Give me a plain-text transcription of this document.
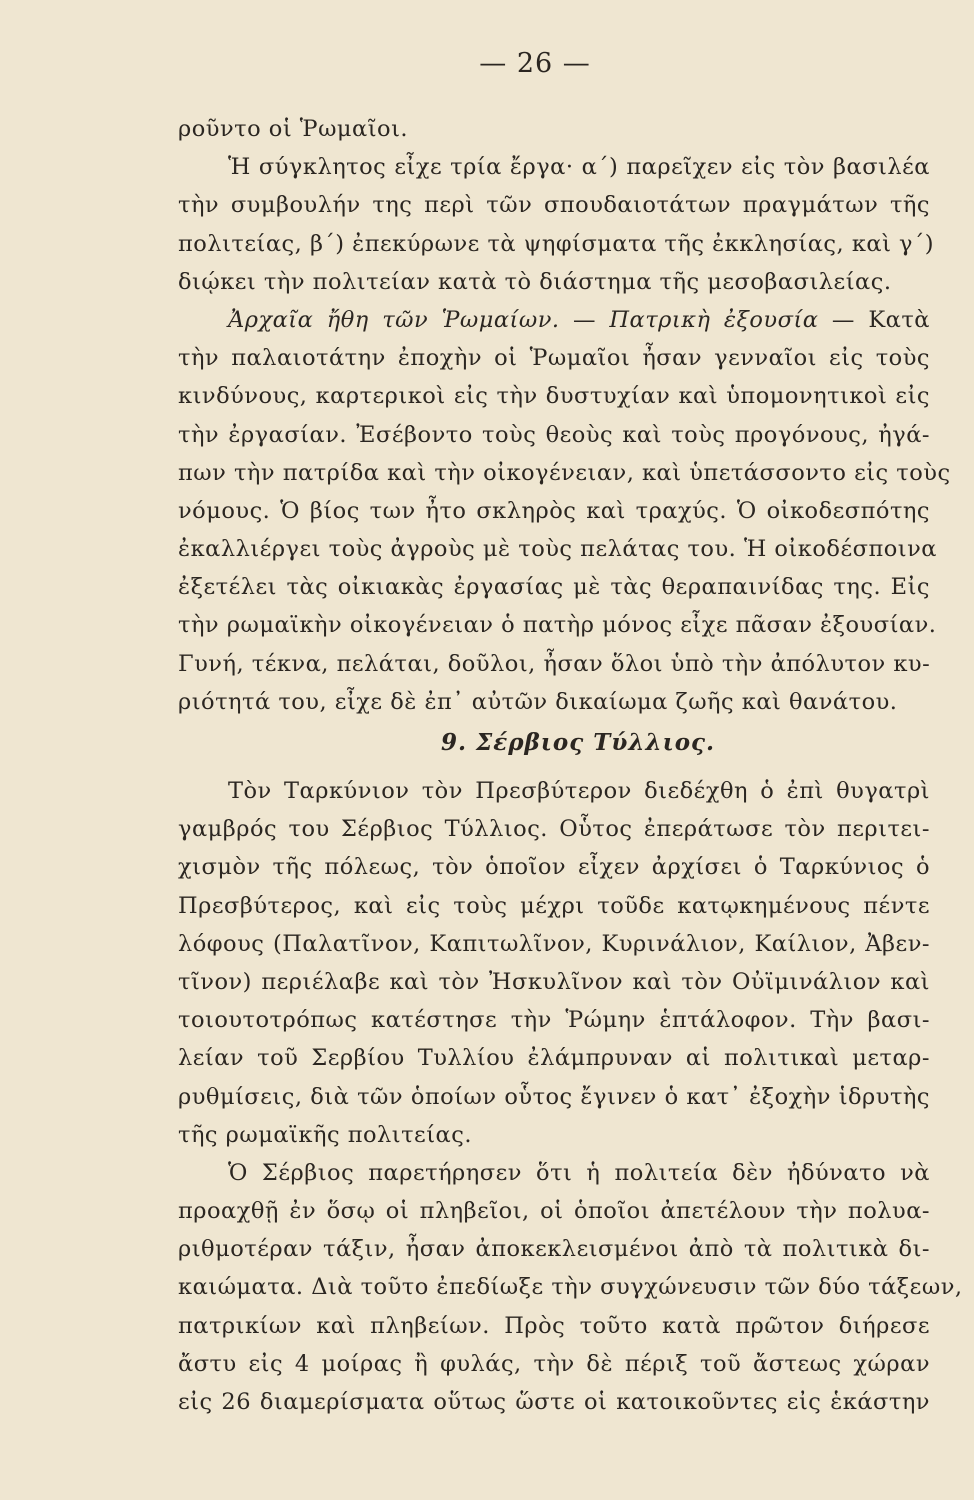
— 26 —
ροῦντο οἱ Ῥωμαῖοι.
Ἡ σύγκλητος εἶχε τρία ἔργα· α΄) παρεῖχεν εἰς τὸν βασιλέα
τὴν συμβουλήν της περὶ τῶν σπουδαιοτάτων πραγμάτων τῆς
πολιτείας, β΄) ἐπεκύρωνε τὰ ψηφίσματα τῆς ἐκκλησίας, καὶ γ΄)
διῴκει τὴν πολιτείαν κατὰ τὸ διάστημα τῆς μεσοβασιλείας.
Ἀρχαῖα ἤθη τῶν Ῥωμαίων. — Πατρικὴ ἐξουσία — Κατὰ
τὴν παλαιοτάτην ἐποχὴν οἱ Ῥωμαῖοι ἦσαν γενναῖοι εἰς τοὺς
κινδύνους, καρτερικοὶ εἰς τὴν δυστυχίαν καὶ ὑπομονητικοὶ εἰς
τὴν ἐργασίαν. Ἐσέβοντο τοὺς θεοὺς καὶ τοὺς προγόνους, ἠγά-
πων τὴν πατρίδα καὶ τὴν οἰκογένειαν, καὶ ὑπετάσσοντο εἰς τοὺς
νόμους. Ὁ βίος των ἦτο σκληρὸς καὶ τραχύς. Ὁ οἰκοδεσπότης
ἐκαλλιέργει τοὺς ἀγροὺς μὲ τοὺς πελάτας του. Ἡ οἰκοδέσποινα
ἐξετέλει τὰς οἰκιακὰς ἐργασίας μὲ τὰς θεραπαινίδας της. Εἰς
τὴν ρωμαϊκὴν οἰκογένειαν ὁ πατὴρ μόνος εἶχε πᾶσαν ἐξουσίαν.
Γυνή, τέκνα, πελάται, δοῦλοι, ἦσαν ὅλοι ὑπὸ τὴν ἀπόλυτον κυ-
ριότητά του, εἶχε δὲ ἐπ᾽ αὐτῶν δικαίωμα ζωῆς καὶ θανάτου.
9. Σέρβιος Τύλλιος.
Τὸν Ταρκύνιον τὸν Πρεσβύτερον διεδέχθη ὁ ἐπὶ θυγατρὶ
γαμβρός του Σέρβιος Τύλλιος. Οὗτος ἐπεράτωσε τὸν περιτει-
χισμὸν τῆς πόλεως, τὸν ὁποῖον εἶχεν ἀρχίσει ὁ Ταρκύνιος ὁ
Πρεσβύτερος, καὶ εἰς τοὺς μέχρι τοῦδε κατῳκημένους πέντε
λόφους (Παλατῖνον, Καπιτωλῖνον, Κυρινάλιον, Καίλιον, Ἀβεν-
τῖνον) περιέλαβε καὶ τὸν Ἠσκυλῖνον καὶ τὸν Οὐϊμινάλιον καὶ
τοιουτοτρόπως κατέστησε τὴν Ῥώμην ἑπτάλοφον. Τὴν βασι-
λείαν τοῦ Σερβίου Τυλλίου ἐλάμπρυναν αἱ πολιτικαὶ μεταρ-
ρυθμίσεις, διὰ τῶν ὁποίων οὗτος ἔγινεν ὁ κατ᾽ ἐξοχὴν ἱδρυτὴς
τῆς ρωμαϊκῆς πολιτείας.
Ὁ Σέρβιος παρετήρησεν ὅτι ἡ πολιτεία δὲν ἠδύνατο νὰ
προαχθῇ ἐν ὅσῳ οἱ πληβεῖοι, οἱ ὁποῖοι ἀπετέλουν τὴν πολυα-
ριθμοτέραν τάξιν, ἦσαν ἀποκεκλεισμένοι ἀπὸ τὰ πολιτικὰ δι-
καιώματα. Διὰ τοῦτο ἐπεδίωξε τὴν συγχώνευσιν τῶν δύο τάξεων,
πατρικίων καὶ πληβείων. Πρὸς τοῦτο κατὰ πρῶτον διήρεσε
ἄστυ εἰς 4 μοίρας ἢ φυλάς, τὴν δὲ πέριξ τοῦ ἄστεως χώραν
εἰς 26 διαμερίσματα οὕτως ὥστε οἱ κατοικοῦντες εἰς ἑκάστην
